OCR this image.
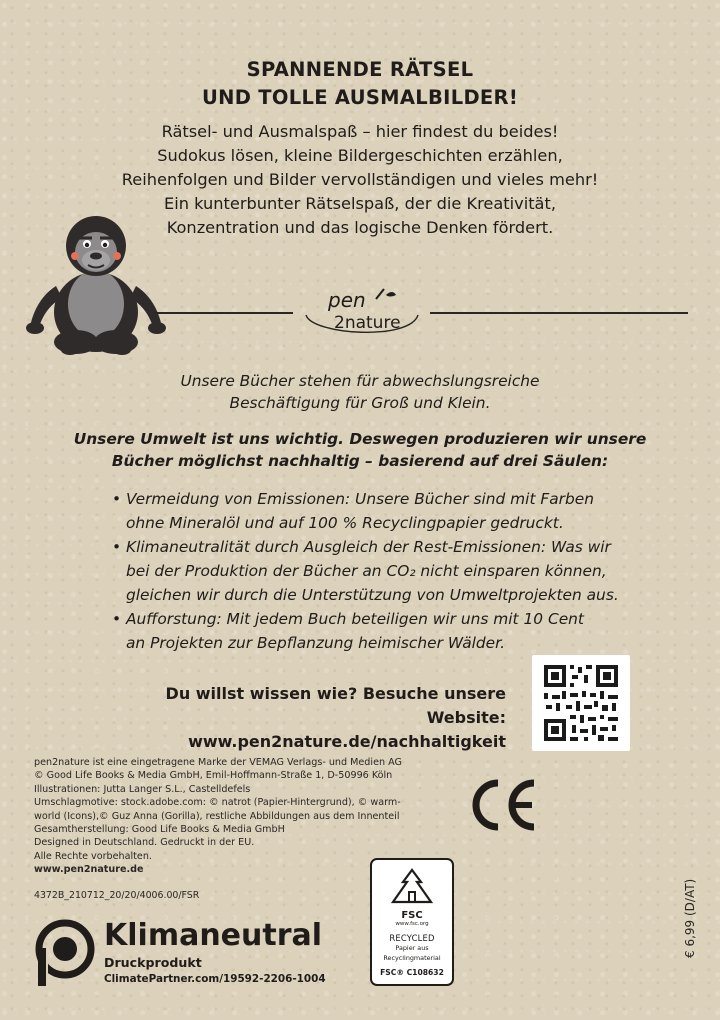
SPANNENDE RÄTSEL
UND TOLLE AUSMALBILDER!
Rätsel- und Ausmalspaß – hier findest du beides!
Sudokus lösen, kleine Bildergeschichten erzählen,
Reihenfolgen und Bilder vervollständigen und vieles mehr!
Ein kunterbunter Rätselspaß, der die Kreativität,
Konzentration und das logische Denken fördert.
pen
2nature
Unsere Bücher stehen für abwechslungsreiche
Beschäftigung für Groß und Klein.
Unsere Umwelt ist uns wichtig. Deswegen produzieren wir unsere
Bücher möglichst nachhaltig – basierend auf drei Säulen:
• Vermeidung von Emissionen: Unsere Bücher sind mit Farben
ohne Mineralöl und auf 100 % Recyclingpapier gedruckt.
• Klimaneutralität durch Ausgleich der Rest-Emissionen: Was wir
bei der Produktion der Bücher an CO₂ nicht einsparen können,
gleichen wir durch die Unterstützung von Umweltprojekten aus.
• Aufforstung: Mit jedem Buch beteiligen wir uns mit 10 Cent
an Projekten zur Bepflanzung heimischer Wälder.
Du willst wissen wie? Besuche unsere Website:
www.pen2nature.de/nachhaltigkeit
pen2nature ist eine eingetragene Marke der VEMAG Verlags- und Medien AG
© Good Life Books & Media GmbH, Emil-Hoffmann-Straße 1, D-50996 Köln
Illustrationen: Jutta Langer S.L., Castelldefels
Umschlagmotive: stock.adobe.com: © natrot (Papier-Hintergrund), © warm-
world (Icons),© Guz Anna (Gorilla), restliche Abbildungen aus dem Innenteil
Gesamtherstellung: Good Life Books & Media GmbH
Designed in Deutschland. Gedruckt in der EU.
Alle Rechte vorbehalten.
www.pen2nature.de
4372B_210712_20/20/4006.00/FSR
CE
FSC
www.fsc.org
RECYCLED
Papier aus
Recyclingmaterial
FSC® C108632
Klimaneutral
Druckprodukt
ClimatePartner.com/19592-2206-1004
€ 6,99 (D/AT)
